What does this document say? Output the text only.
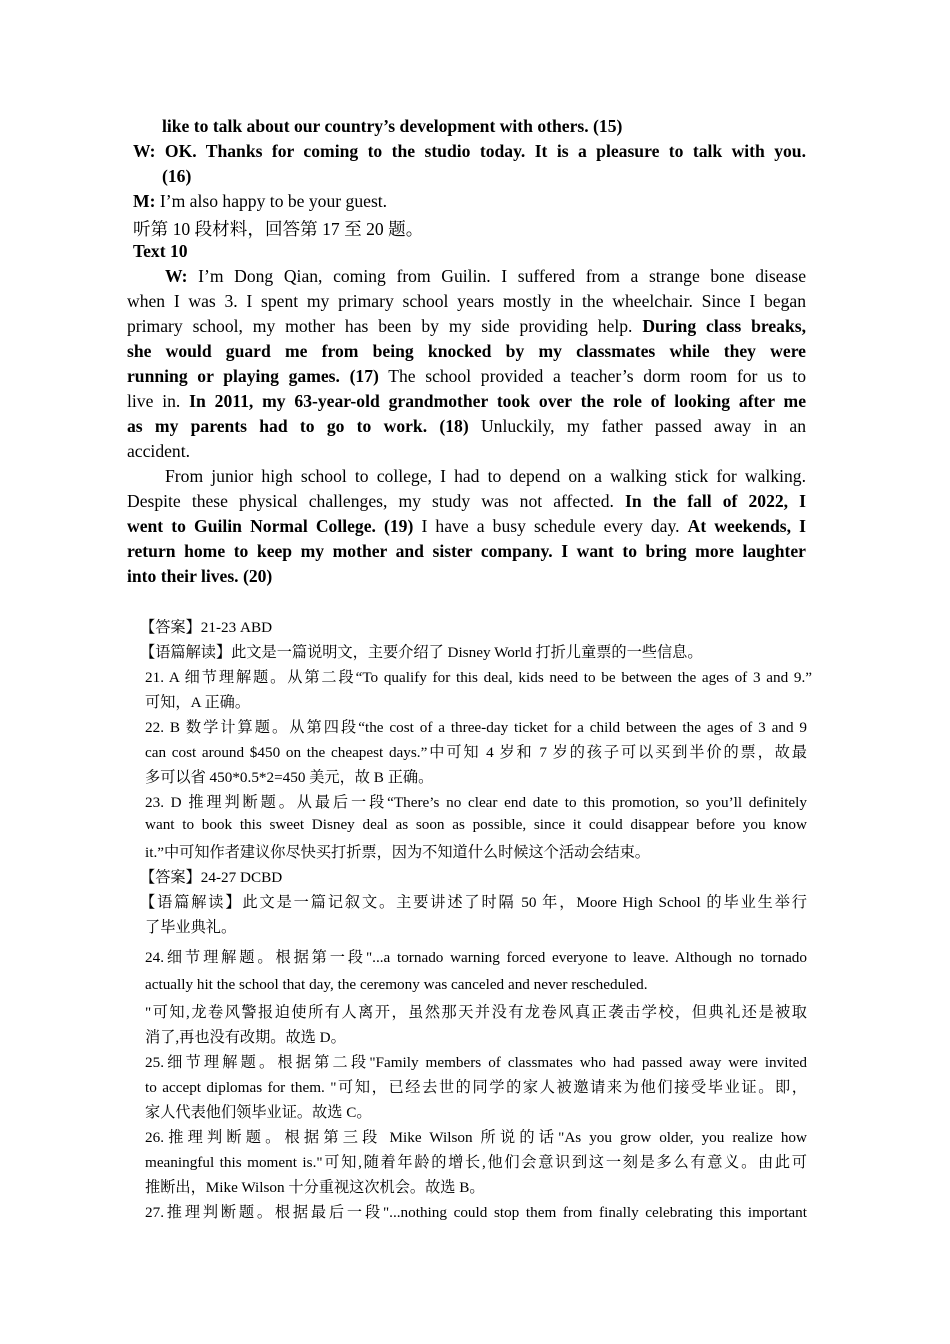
like to talk about our country’s development with others. (15)
W: OK. Thanks for coming to the studio today. It is a pleasure to talk with you.
(16)
M: I’m also happy to be your guest.
听第 10 段材料，回答第 17 至 20 题。
Text 10
W: I’m Dong Qian, coming from Guilin. I suffered from a strange bone disease
when I was 3. I spent my primary school years mostly in the wheelchair. Since I began
primary school, my mother has been by my side providing help. During class breaks,
she would guard me from being knocked by my classmates while they were
running or playing games. (17) The school provided a teacher’s dorm room for us to
live in. In 2011, my 63-year-old grandmother took over the role of looking after me
as my parents had to go to work. (18) Unluckily, my father passed away in an
accident.
From junior high school to college, I had to depend on a walking stick for walking.
Despite these physical challenges, my study was not affected. In the fall of 2022, I
went to Guilin Normal College. (19) I have a busy schedule every day. At weekends, I
return home to keep my mother and sister company. I want to bring more laughter
into their lives. (20)
【答案】21-23 ABD
【语篇解读】此文是一篇说明文，主要介绍了 Disney World 打折儿童票的一些信息。
21. A 细节理解题。从第二段“To qualify for this deal, kids need to be between the ages of 3 and 9.”
可知，A 正确。
22. B 数学计算题。从第四段“the cost of a three-day ticket for a child between the ages of 3 and 9
can cost around $450 on the cheapest days.”中可知 4 岁和 7 岁的孩子可以买到半价的票，故最
多可以省 450*0.5*2=450 美元，故 B 正确。
23. D 推理判断题。从最后一段“There’s no clear end date to this promotion, so you’ll definitely
want to book this sweet Disney deal as soon as possible, since it could disappear before you know
it.”中可知作者建议你尽快买打折票，因为不知道什么时候这个活动会结束。
【答案】24-27 DCBD
【语篇解读】此文是一篇记叙文。主要讲述了时隔 50 年，Moore High School 的毕业生举行
了毕业典礼。
24.细节理解题。根据第一段"...a tornado warning forced everyone to leave. Although no tornado
actually hit the school that day, the ceremony was canceled and never rescheduled.
"可知,龙卷风警报迫使所有人离开，虽然那天并没有龙卷风真正袭击学校，但典礼还是被取
消了,再也没有改期。故选 D。
25.细节理解题。根据第二段"Family members of classmates who had passed away were invited
to accept diplomas for them. "可知，已经去世的同学的家人被邀请来为他们接受毕业证。即，
家人代表他们领毕业证。故选 C。
26.推理判断题。根据第三段 Mike Wilson 所说的话"As you grow older, you realize how
meaningful this moment is."可知,随着年龄的增长,他们会意识到这一刻是多么有意义。由此可
推断出，Mike Wilson 十分重视这次机会。故选 B。
27.推理判断题。根据最后一段"...nothing could stop them from finally celebrating this important
